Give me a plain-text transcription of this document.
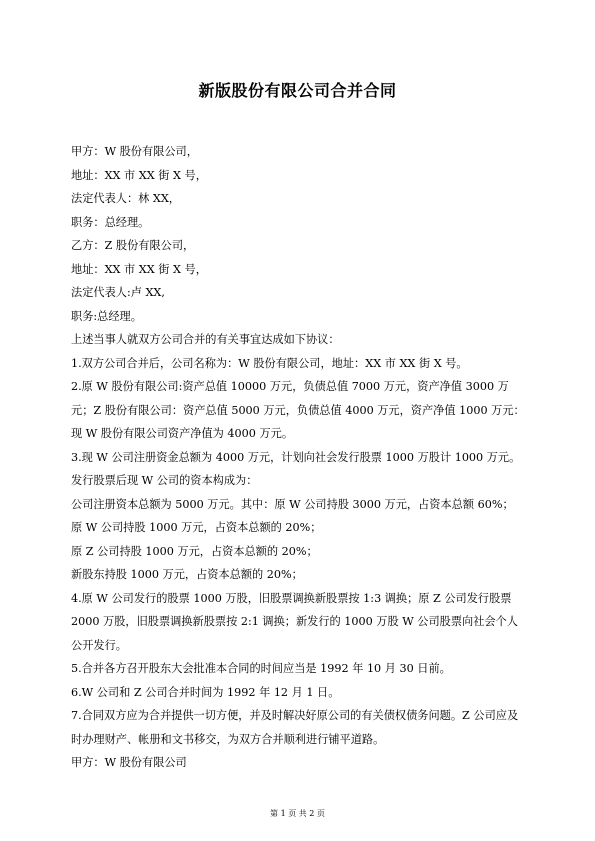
新版股份有限公司合并合同

甲方：W 股份有限公司，

地址：XX 市 XX 街 X 号，

法定代表人：林 XX，

职务：总经理。

乙方：Z 股份有限公司，

地址：XX 市 XX 街 X 号，

法定代表人:卢 XX,

职务:总经理。

上述当事人就双方公司合并的有关事宜达成如下协议：

1.双方公司合并后，公司名称为：W 股份有限公司，地址：XX 市 XX 街 X 号。

2.原 W 股份有限公司:资产总值 10000 万元，负债总值 7000 万元，资产净值 3000 万元；Z 股份有限公司：资产总值 5000 万元，负债总值 4000 万元，资产净值 1000 万元：现 W 股份有限公司资产净值为 4000 万元。

3.现 W 公司注册资金总额为 4000 万元，计划向社会发行股票 1000 万股计 1000 万元。

发行股票后现 W 公司的资本构成为：

公司注册资本总额为 5000 万元。其中：原 W 公司持股 3000 万元，占资本总额 60%；

原 W 公司持股 1000 万元，占资本总额的 20%；

原 Z 公司持股 1000 万元，占资本总额的 20%；

新股东持股 1000 万元，占资本总额的 20%；

4.原 W 公司发行的股票 1000 万股，旧股票调换新股票按 1:3 调换；原 Z 公司发行股票 2000 万股，旧股票调换新股票按 2:1 调换；新发行的 1000 万股 W 公司股票向社会个人公开发行。

5.合并各方召开股东大会批准本合同的时间应当是 1992 年 10 月 30 日前。

6.W 公司和 Z 公司合并时间为 1992 年 12 月 1 日。

7.合同双方应为合并提供一切方便，并及时解决好原公司的有关债权债务问题。Z 公司应及时办理财产、帐册和文书移交，为双方合并顺利进行铺平道路。

甲方：W 股份有限公司

第 1 页 共 2 页
